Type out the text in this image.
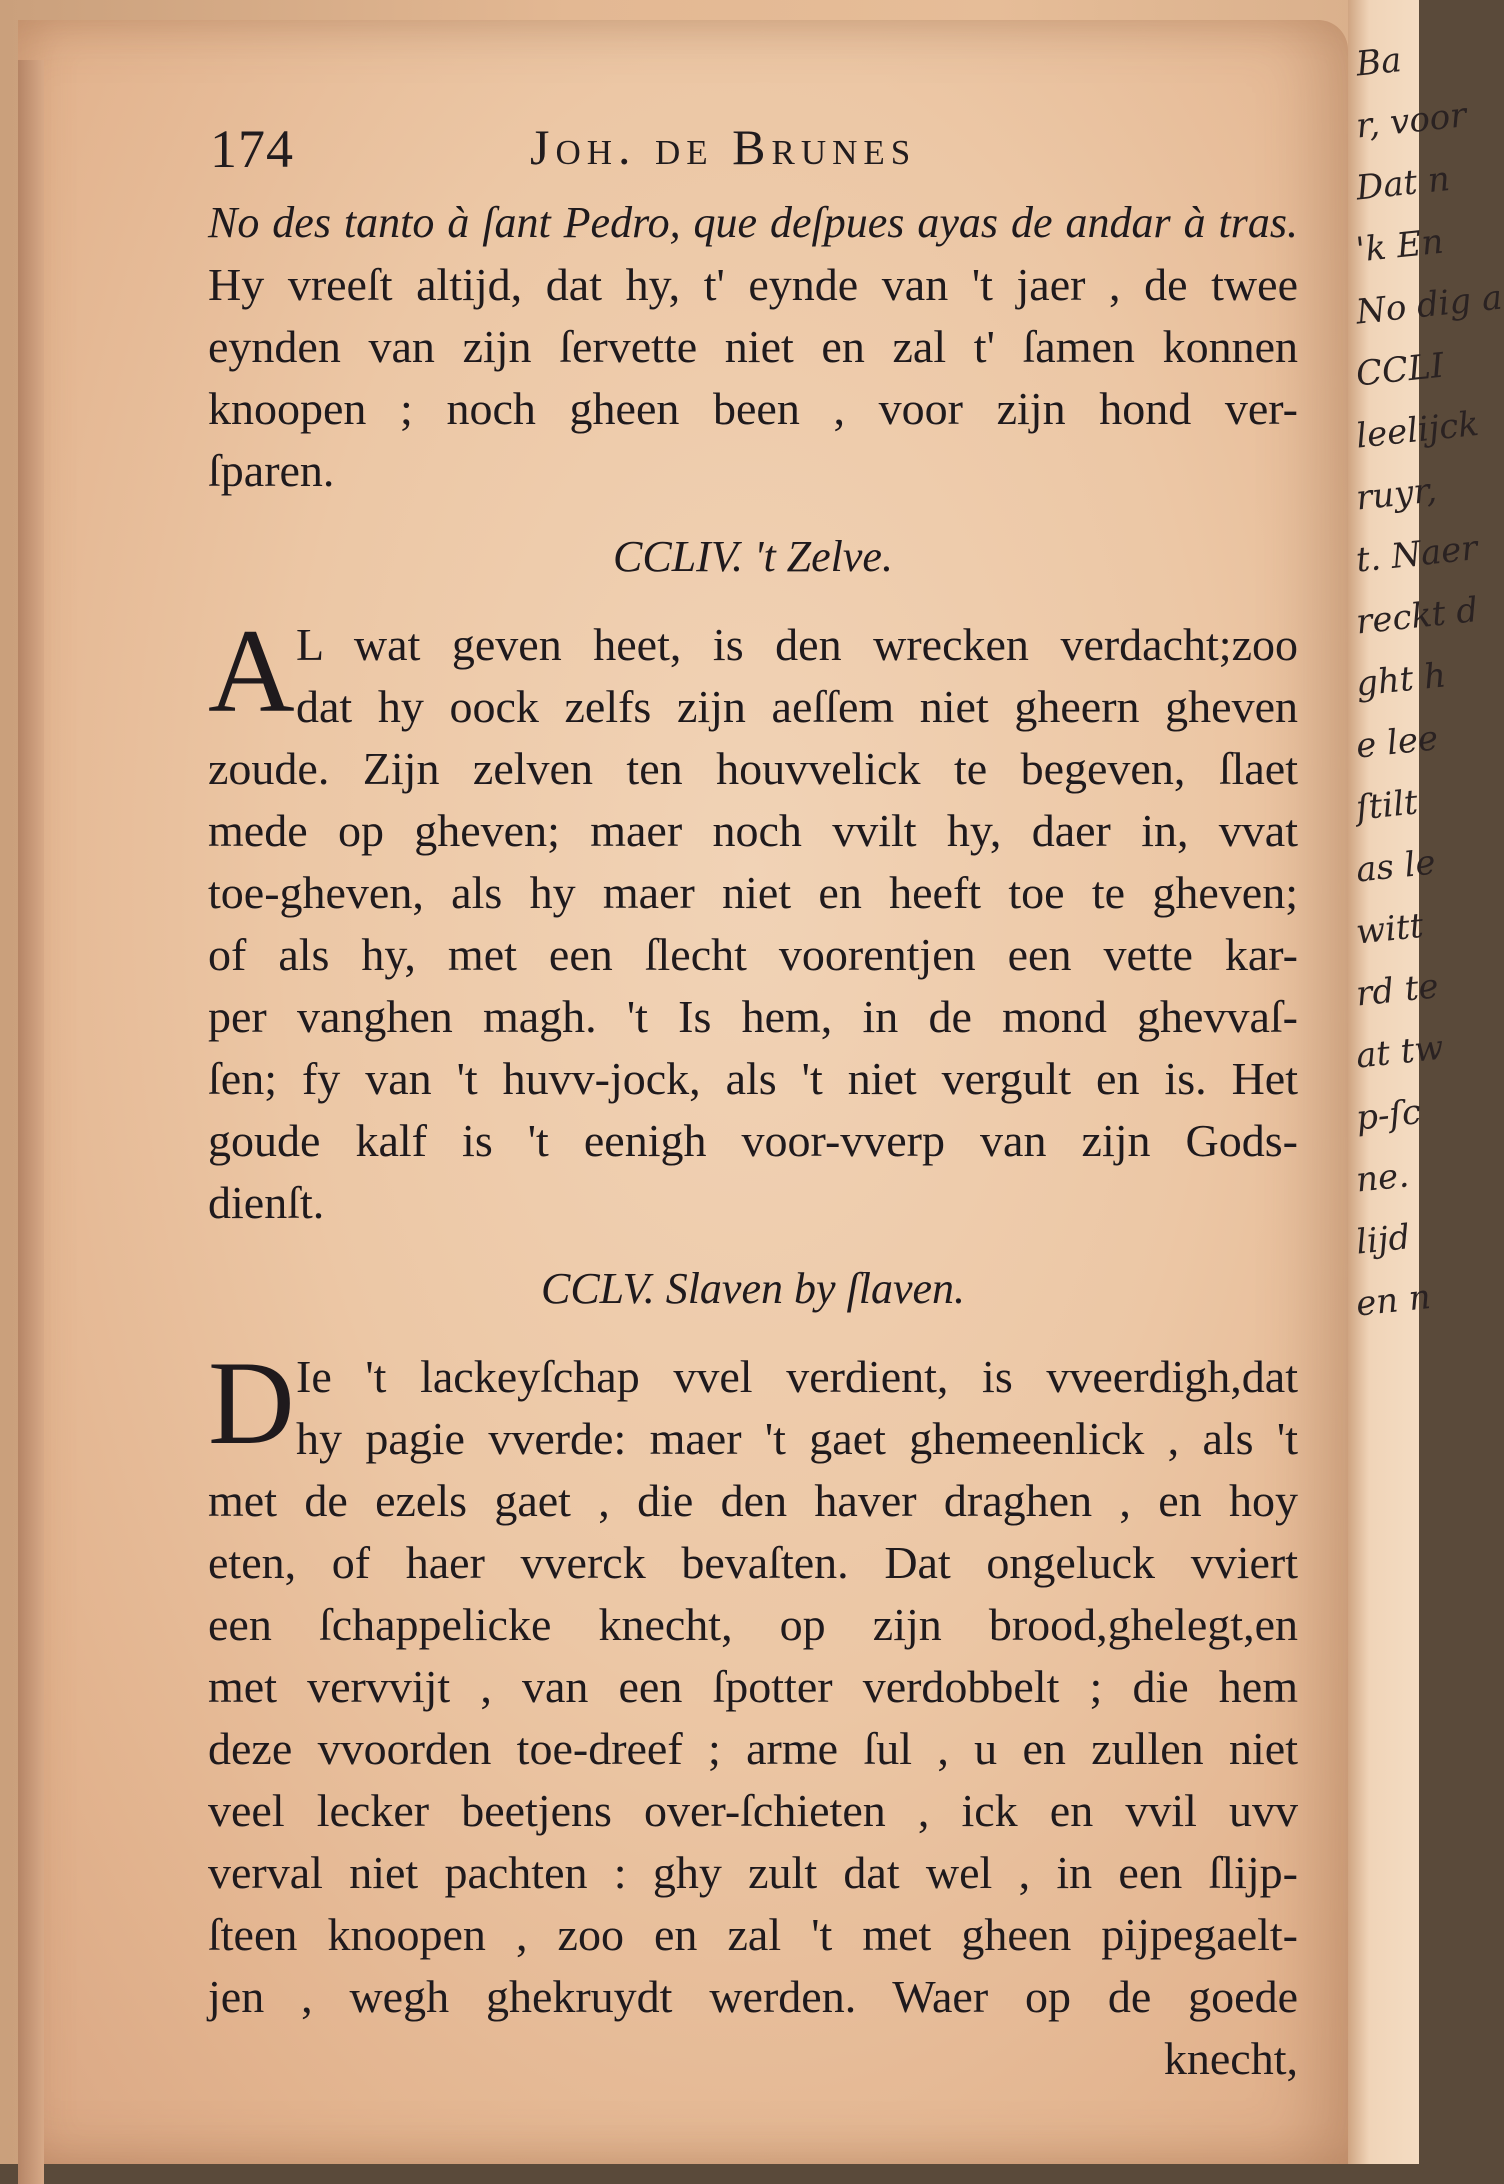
Ba
r, voor
Dat n
'k En
No dig a
CCLI
leelijck
ruyr,
t. Naer
reckt d
ght h
e lee
ſtilt
as le
witt
rd te
at tw
p-ſc
ne.
lijd
en n
174	Joh. de Brunes
No des tanto à ſant Pedro, que deſpues ayas de andar à tras.
Hy vreeſt altijd, dat hy, t' eynde van 't jaer , de twee
eynden van zijn ſervette niet en zal t' ſamen konnen
knoopen ; noch gheen been , voor zijn hond ver-
ſparen.
CCLIV. 't Zelve.
A L wat geven heet, is den wrecken verdacht;zoo
dat hy oock zelfs zijn aeſſem niet gheern gheven
zoude. Zijn zelven ten houvvelick te begeven, ſlaet
mede op gheven; maer noch vvilt hy, daer in, vvat
toe-gheven, als hy maer niet en heeft toe te gheven;
of als hy, met een ſlecht voorentjen een vette kar-
per vanghen magh. 't Is hem, in de mond ghevvaſ-
ſen; fy van 't huvv-jock, als 't niet vergult en is. Het
goude kalf is 't eenigh voor-vverp van zijn Gods-
dienſt.
CCLV. Slaven by ſlaven.
D Ie 't lackeyſchap vvel verdient, is vveerdigh,dat
hy pagie vverde: maer 't gaet ghemeenlick , als 't
met de ezels gaet , die den haver draghen , en hoy
eten, of haer vverck bevaſten. Dat ongeluck vviert
een ſchappelicke knecht, op zijn brood,ghelegt,en
met vervvijt , van een ſpotter verdobbelt ; die hem
deze vvoorden toe-dreef ; arme ſul , u en zullen niet
veel lecker beetjens over-ſchieten , ick en vvil uvv
verval niet pachten : ghy zult dat wel , in een ſlijp-
ſteen knoopen , zoo en zal 't met gheen pijpegaelt-
jen , wegh ghekruydt werden. Waer op de goede
knecht,
